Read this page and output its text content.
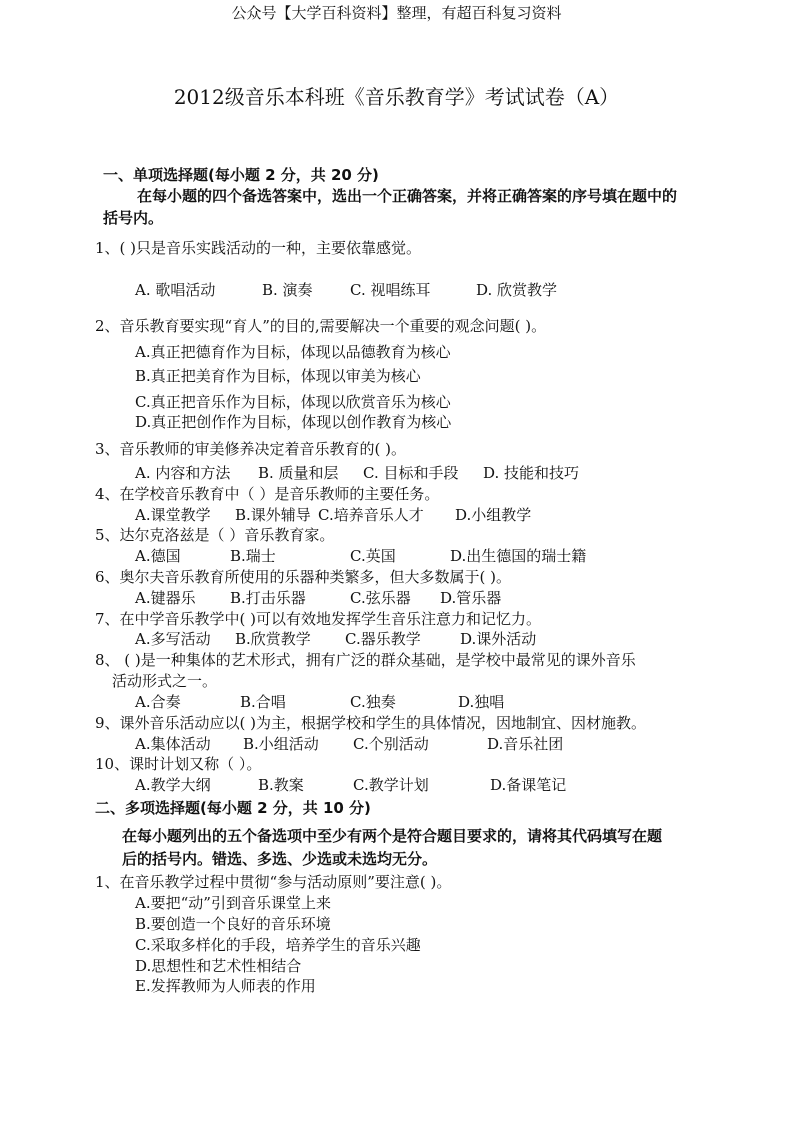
公众号【大学百科资料】整理，有超百科复习资料
2012级音乐本科班《音乐教育学》考试试卷（A）
一、单项选择题(每小题 2 分，共 20 分)
在每小题的四个备选答案中，选出一个正确答案，并将正确答案的序号填在题中的
括号内。
1、( )只是音乐实践活动的一种，主要依靠感觉。
A. 歌唱活动	B. 演奏 C. 视唱练耳	D. 欣赏教学
2、音乐教育要实现“育人”的目的,需要解决一个重要的观念问题( )。
A.真正把德育作为目标，体现以品德教育为核心
B.真正把美育作为目标，体现以审美为核心
C.真正把音乐作为目标，体现以欣赏音乐为核心
D.真正把创作作为目标，体现以创作教育为核心
3、音乐教师的审美修养决定着音乐教育的( )。
A. 内容和方法 B. 质量和层 C. 目标和手段 D. 技能和技巧
4、在学校音乐教育中（ ）是音乐教师的主要任务。
A.课堂教学 B.课外辅导 C.培养音乐人才 D.小组教学
5、达尔克洛兹是（ ）音乐教育家。
A.德国	B.瑞士	C.英国	D.出生德国的瑞士籍
6、奥尔夫音乐教育所使用的乐器种类繁多，但大多数属于( )。
A.键器乐 B.打击乐器	C.弦乐器 D.管乐器
7、在中学音乐教学中( )可以有效地发挥学生音乐注意力和记忆力。
A.多写活动 B.欣赏教学 C.器乐教学	D.课外活动
8、 ( )是一种集体的艺术形式，拥有广泛的群众基础，是学校中最常见的课外音乐
活动形式之一。
A.合奏	B.合唱	C.独奏	D.独唱
9、课外音乐活动应以( )为主，根据学校和学生的具体情况，因地制宜、因材施教。
A.集体活动 B.小组活动 C.个别活动	D.音乐社团
10、课时计划又称（ ）。
A.教学大纲	B.教案	C.教学计划	D.备课笔记
二、多项选择题(每小题 2 分，共 10 分)
在每小题列出的五个备选项中至少有两个是符合题目要求的，请将其代码填写在题
后的括号内。错选、多选、少选或未选均无分。
1、在音乐教学过程中贯彻“参与活动原则”要注意( )。
A.要把“动”引到音乐课堂上来
B.要创造一个良好的音乐环境
C.采取多样化的手段，培养学生的音乐兴趣
D.思想性和艺术性相结合
E.发挥教师为人师表的作用
